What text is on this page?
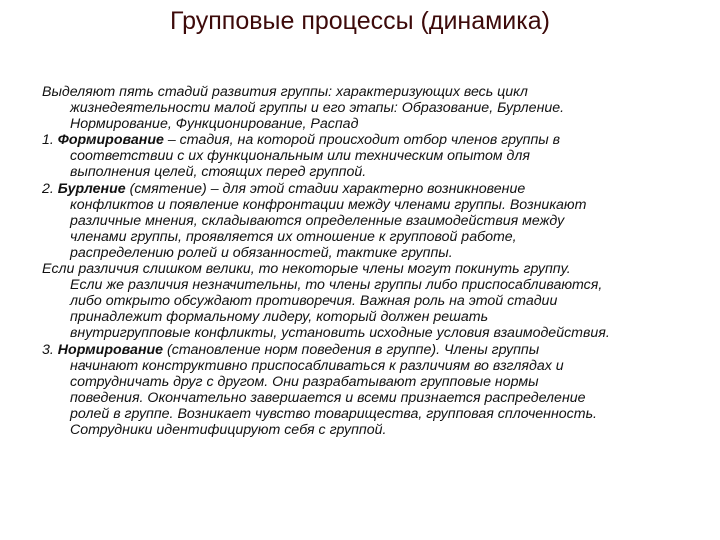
Групповые процессы (динамика)
Выделяют пять стадий развития группы: характеризующих весь цикл
жизнедеятельности малой группы и его этапы: Образование, Бурление.
Нормирование, Функционирование, Распад
1. Формирование – стадия, на которой происходит отбор членов группы в
соответствии с их функциональным или техническим опытом для
выполнения целей, стоящих перед группой.
2. Бурление (смятение) – для этой стадии характерно возникновение
конфликтов и появление конфронтации между членами группы. Возникают
различные мнения, складываются определенные взаимодействия между
членами группы, проявляется их отношение к групповой работе,
распределению ролей и обязанностей, тактике группы.
Если различия слишком велики, то некоторые члены могут покинуть группу.
Если же различия незначительны, то члены группы либо приспосабливаются,
либо открыто обсуждают противоречия. Важная роль на этой стадии
принадлежит формальному лидеру, который должен решать
внутригрупповые конфликты, установить исходные условия взаимодействия.
3. Нормирование (становление норм поведения в группе). Члены группы
начинают конструктивно приспосабливаться к различиям во взглядах и
сотрудничать друг с другом. Они разрабатывают групповые нормы
поведения. Окончательно завершается и всеми признается распределение
ролей в группе. Возникает чувство товарищества, групповая сплоченность.
Сотрудники идентифицируют себя с группой.
